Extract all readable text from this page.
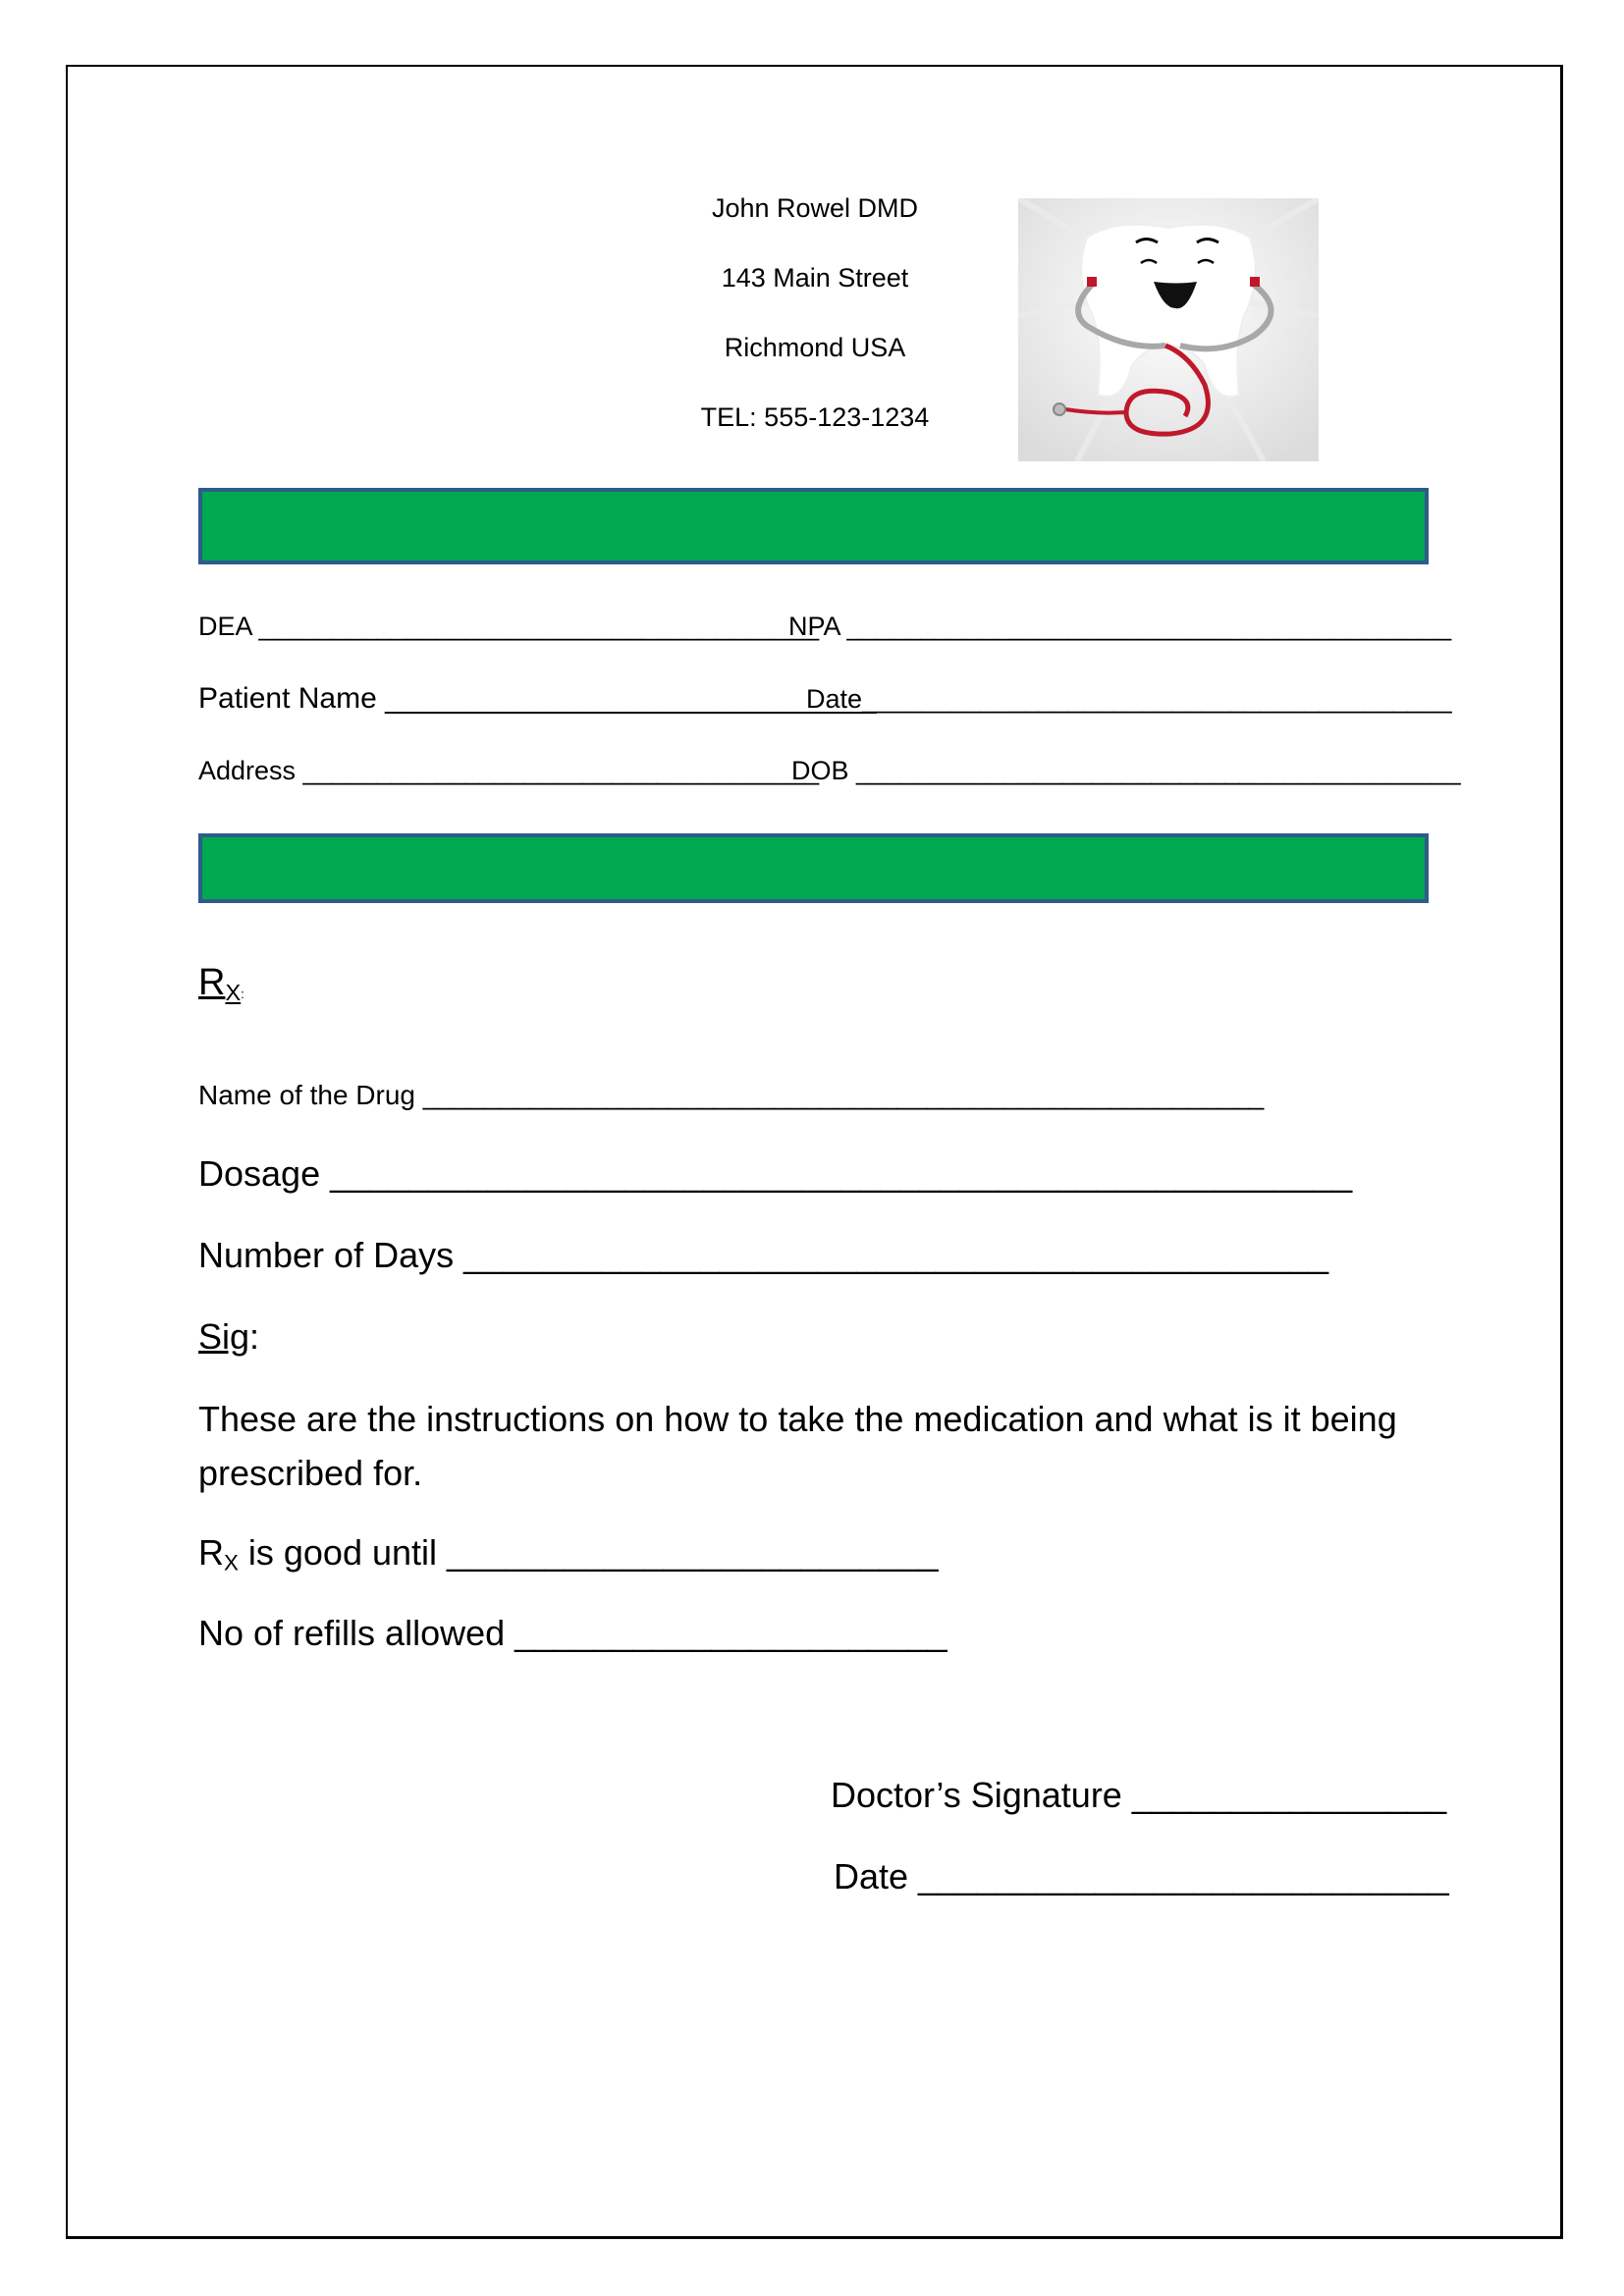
John Rowel DMD
143 Main Street
Richmond USA
TEL: 555-123-1234
DEA ______________________________________
NPA _________________________________________
Patient Name ______________________________
Date________________________________________
Address ___________________________________
DOB _________________________________________
$R_X$:
Name of the Drug _______________________________________________________
Dosage ____________________________________________________
Number of Days ____________________________________________
Sig:
These are the instructions on how to take the medication and what is it being prescribed for.
$R_X$ is good until _________________________
No of refills allowed ______________________
Doctor’s Signature ________________
Date ___________________________
